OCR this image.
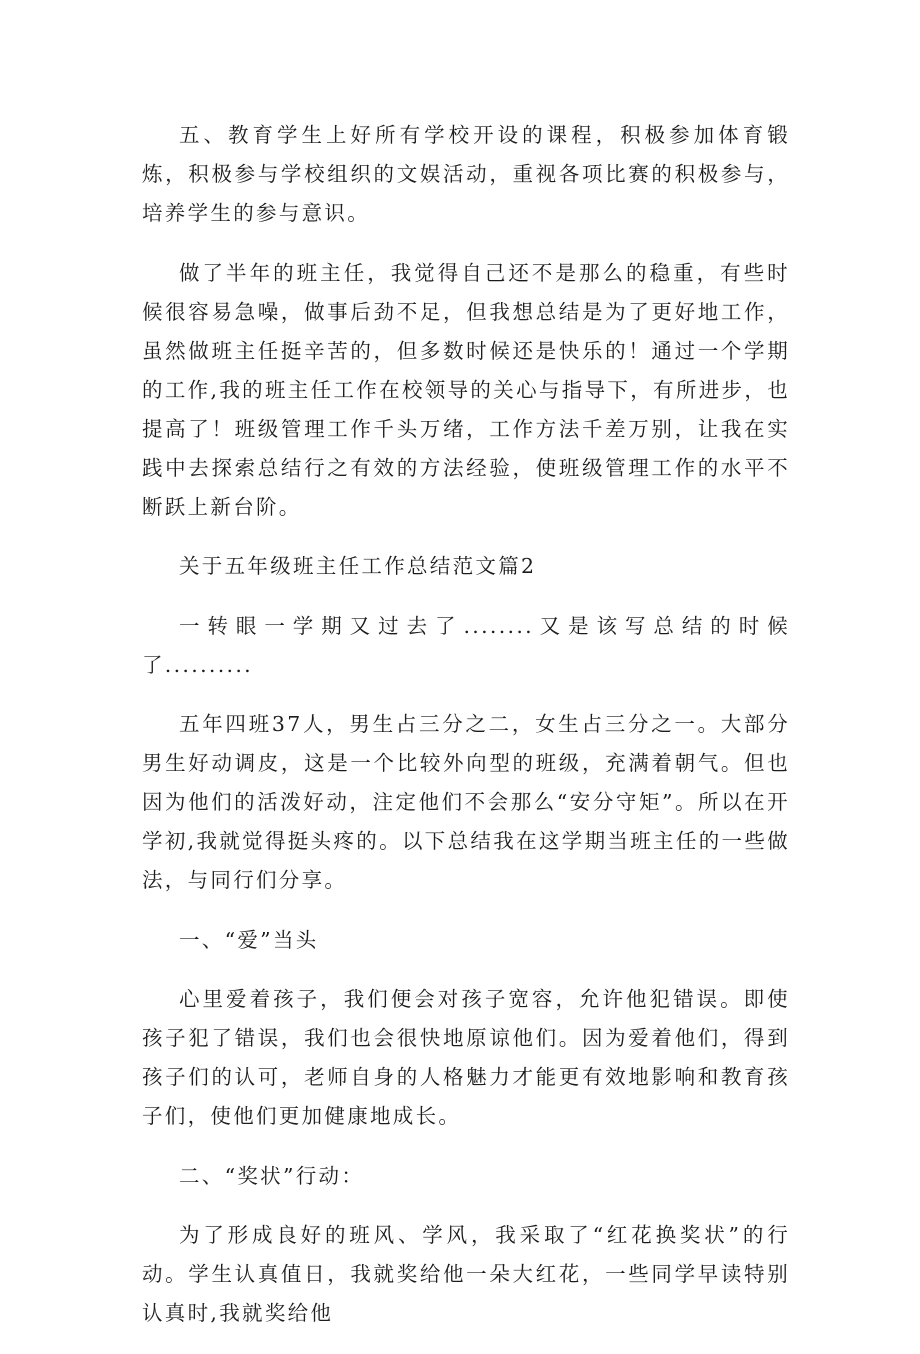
五、教育学生上好所有学校开设的课程，积极参加体育锻炼，积极参与学校组织的文娱活动，重视各项比赛的积极参与，培养学生的参与意识。

做了半年的班主任，我觉得自己还不是那么的稳重，有些时候很容易急噪，做事后劲不足，但我想总结是为了更好地工作，虽然做班主任挺辛苦的，但多数时候还是快乐的！通过一个学期的工作,我的班主任工作在校领导的关心与指导下，有所进步，也提高了！班级管理工作千头万绪，工作方法千差万别，让我在实践中去探索总结行之有效的方法经验，使班级管理工作的水平不断跃上新台阶。

关于五年级班主任工作总结范文篇2

一转眼一学期又过去了........又是该写总结的时候了..........

五年四班37人，男生占三分之二，女生占三分之一。大部分男生好动调皮，这是一个比较外向型的班级，充满着朝气。但也因为他们的活泼好动，注定他们不会那么“安分守矩”。所以在开学初,我就觉得挺头疼的。以下总结我在这学期当班主任的一些做法，与同行们分享。

一、“爱”当头

心里爱着孩子，我们便会对孩子宽容，允许他犯错误。即使孩子犯了错误，我们也会很快地原谅他们。因为爱着他们，得到孩子们的认可，老师自身的人格魅力才能更有效地影响和教育孩子们，使他们更加健康地成长。

二、“奖状”行动：

为了形成良好的班风、学风，我采取了“红花换奖状”的行动。学生认真值日，我就奖给他一朵大红花，一些同学早读特别认真时,我就奖给他
